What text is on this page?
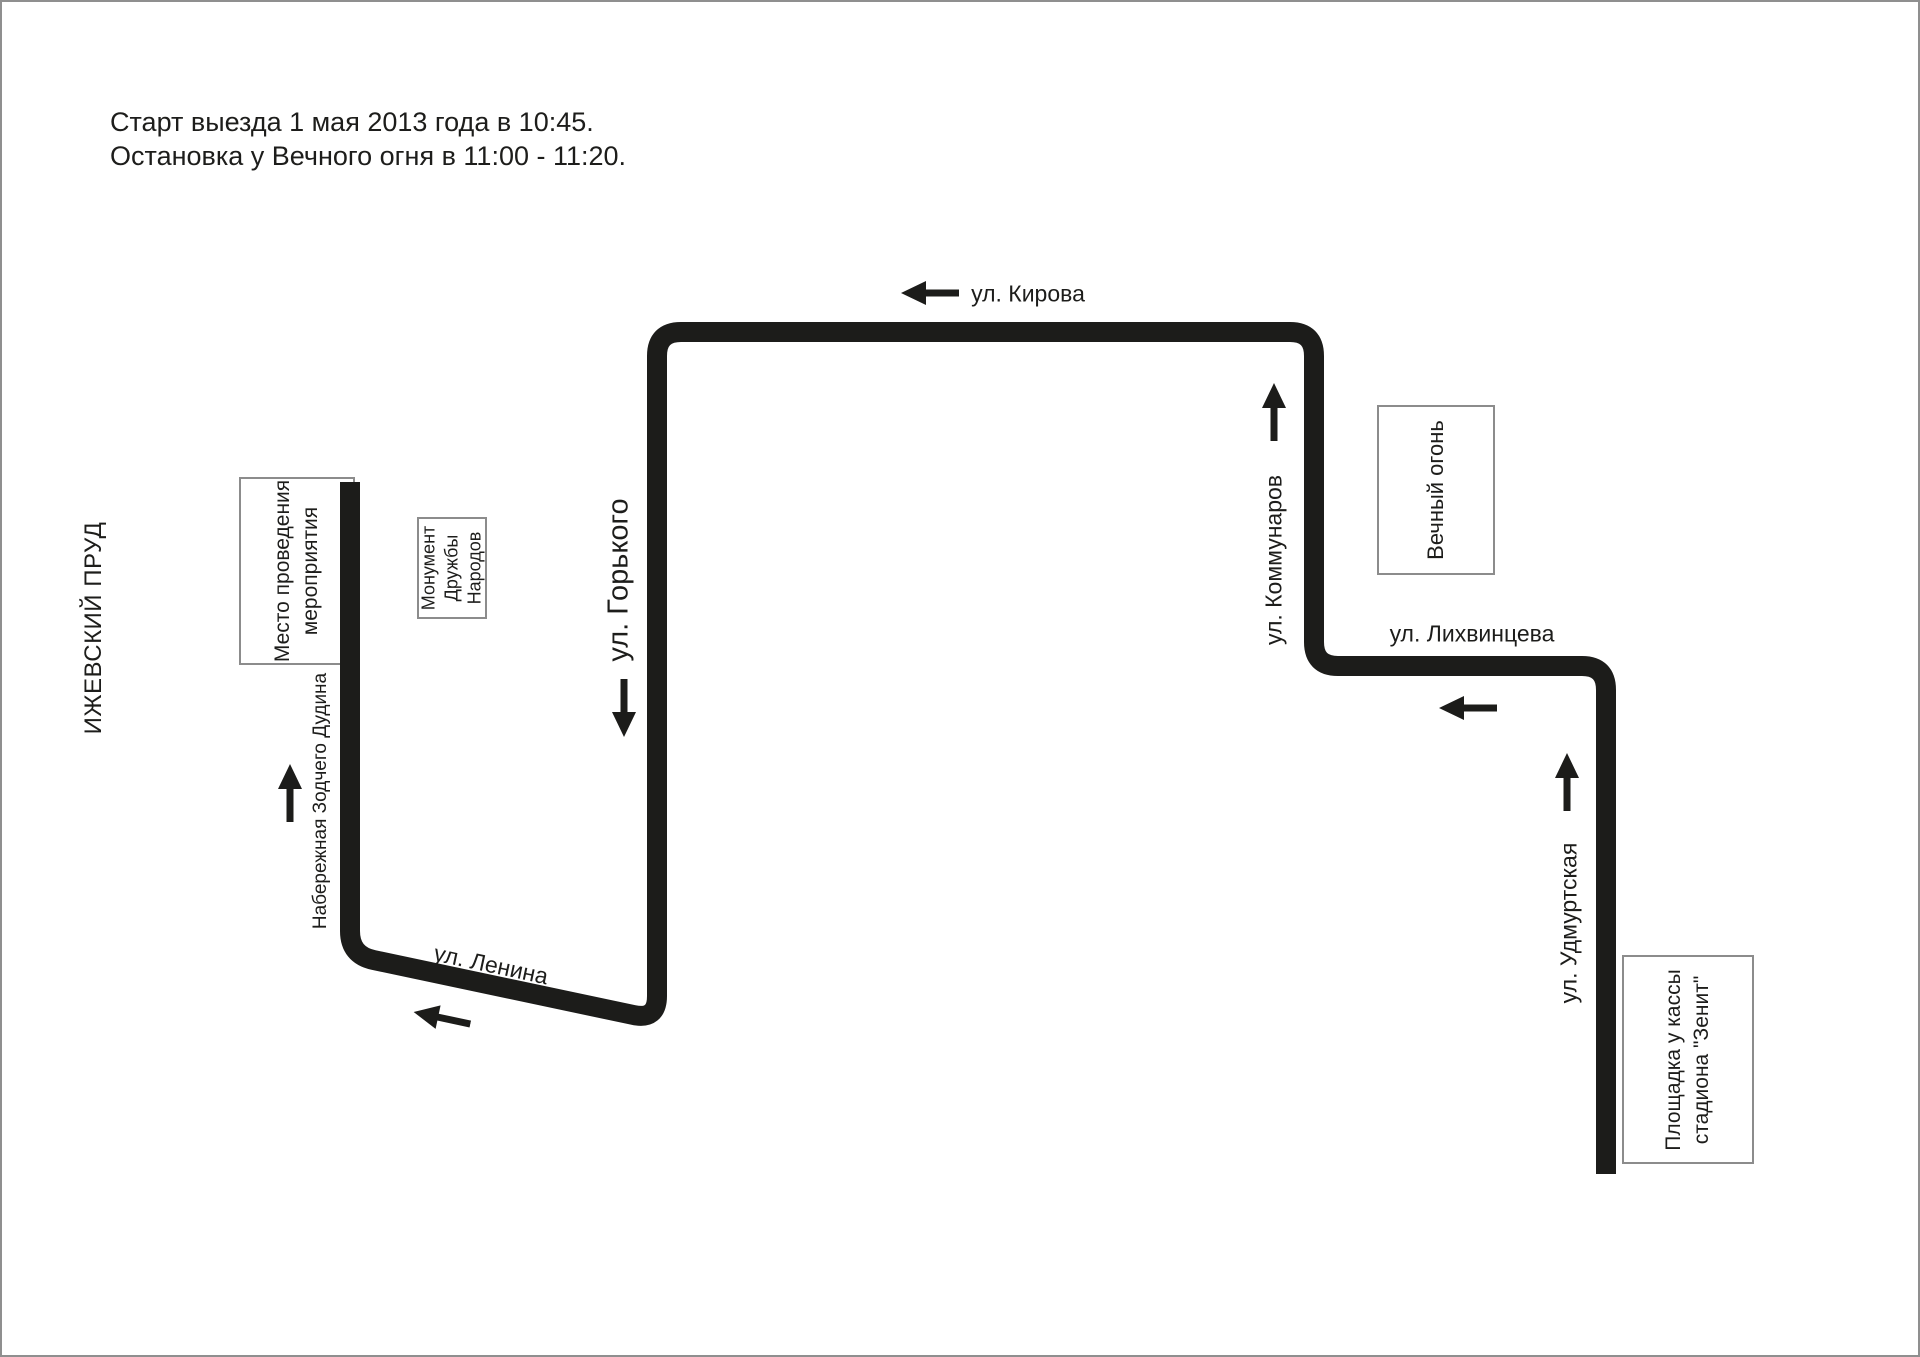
Старт выезда 1 мая 2013 года в 10:45.
Остановка у Вечного огня в 11:00 - 11:20.
Место проведения мероприятия	Монумент Дружбы Народов
Вечный огонь
Площадка у кассы стадиона "Зенит"
ИЖЕВСКИЙ ПРУД
ул. Кирова
ул. Горького	ул. Коммунаров	ул. Лихвинцева
ул. Удмуртская
ул. Ленина
Набережная Зодчего Дудина
